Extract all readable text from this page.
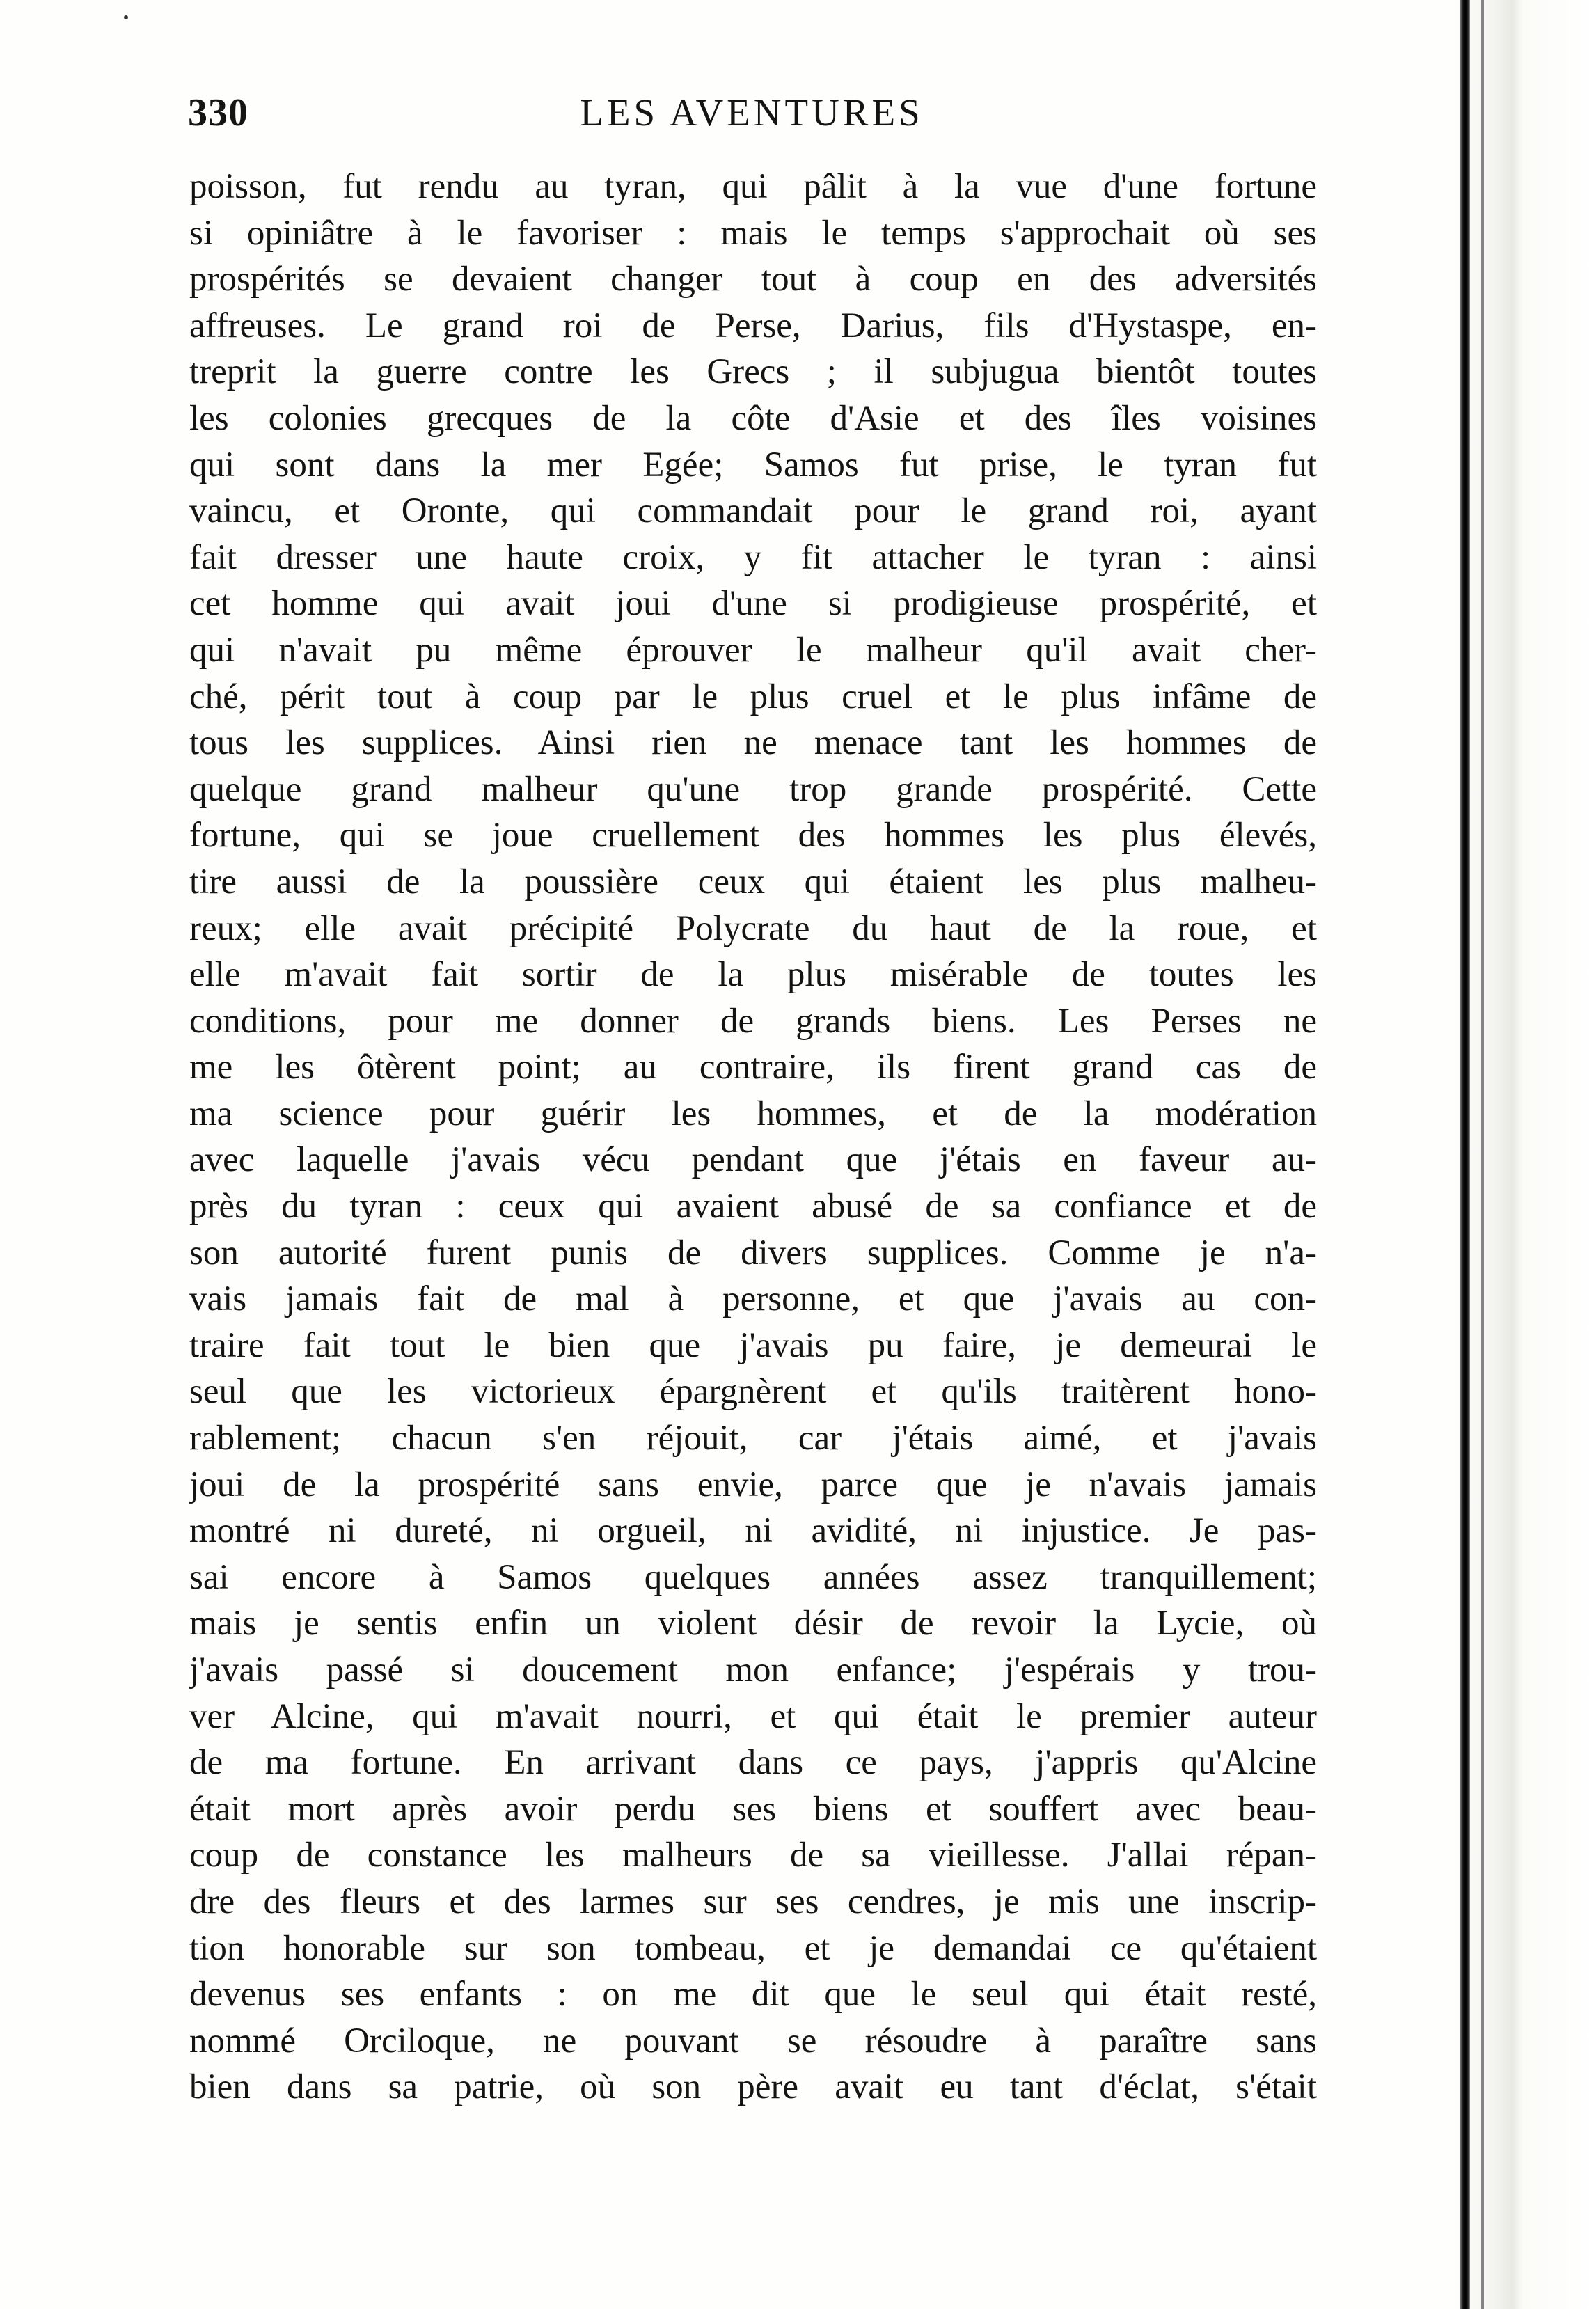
LES AVENTURES
330
poisson, fut rendu au tyran, qui pâlit à la vue d'une fortune
si opiniâtre à le favoriser : mais le temps s'approchait où ses
prospérités se devaient changer tout à coup en des adversités
affreuses. Le grand roi de Perse, Darius, fils d'Hystaspe, en-
treprit la guerre contre les Grecs ; il subjugua bientôt toutes
les colonies grecques de la côte d'Asie et des îles voisines
qui sont dans la mer Egée; Samos fut prise, le tyran fut
vaincu, et Oronte, qui commandait pour le grand roi, ayant
fait dresser une haute croix, y fit attacher le tyran : ainsi
cet homme qui avait joui d'une si prodigieuse prospérité, et
qui n'avait pu même éprouver le malheur qu'il avait cher-
ché, périt tout à coup par le plus cruel et le plus infâme de
tous les supplices. Ainsi rien ne menace tant les hommes de
quelque grand malheur qu'une trop grande prospérité. Cette
fortune, qui se joue cruellement des hommes les plus élevés,
tire aussi de la poussière ceux qui étaient les plus malheu-
reux; elle avait précipité Polycrate du haut de la roue, et
elle m'avait fait sortir de la plus misérable de toutes les
conditions, pour me donner de grands biens. Les Perses ne
me les ôtèrent point; au contraire, ils firent grand cas de
ma science pour guérir les hommes, et de la modération
avec laquelle j'avais vécu pendant que j'étais en faveur au-
près du tyran : ceux qui avaient abusé de sa confiance et de
son autorité furent punis de divers supplices. Comme je n'a-
vais jamais fait de mal à personne, et que j'avais au con-
traire fait tout le bien que j'avais pu faire, je demeurai le
seul que les victorieux épargnèrent et qu'ils traitèrent hono-
rablement; chacun s'en réjouit, car j'étais aimé, et j'avais
joui de la prospérité sans envie, parce que je n'avais jamais
montré ni dureté, ni orgueil, ni avidité, ni injustice. Je pas-
sai encore à Samos quelques années assez tranquillement;
mais je sentis enfin un violent désir de revoir la Lycie, où
j'avais passé si doucement mon enfance; j'espérais y trou-
ver Alcine, qui m'avait nourri, et qui était le premier auteur
de ma fortune. En arrivant dans ce pays, j'appris qu'Alcine
était mort après avoir perdu ses biens et souffert avec beau-
coup de constance les malheurs de sa vieillesse. J'allai répan-
dre des fleurs et des larmes sur ses cendres, je mis une inscrip-
tion honorable sur son tombeau, et je demandai ce qu'étaient
devenus ses enfants : on me dit que le seul qui était resté,
nommé Orciloque, ne pouvant se résoudre à paraître sans
bien dans sa patrie, où son père avait eu tant d'éclat, s'était
